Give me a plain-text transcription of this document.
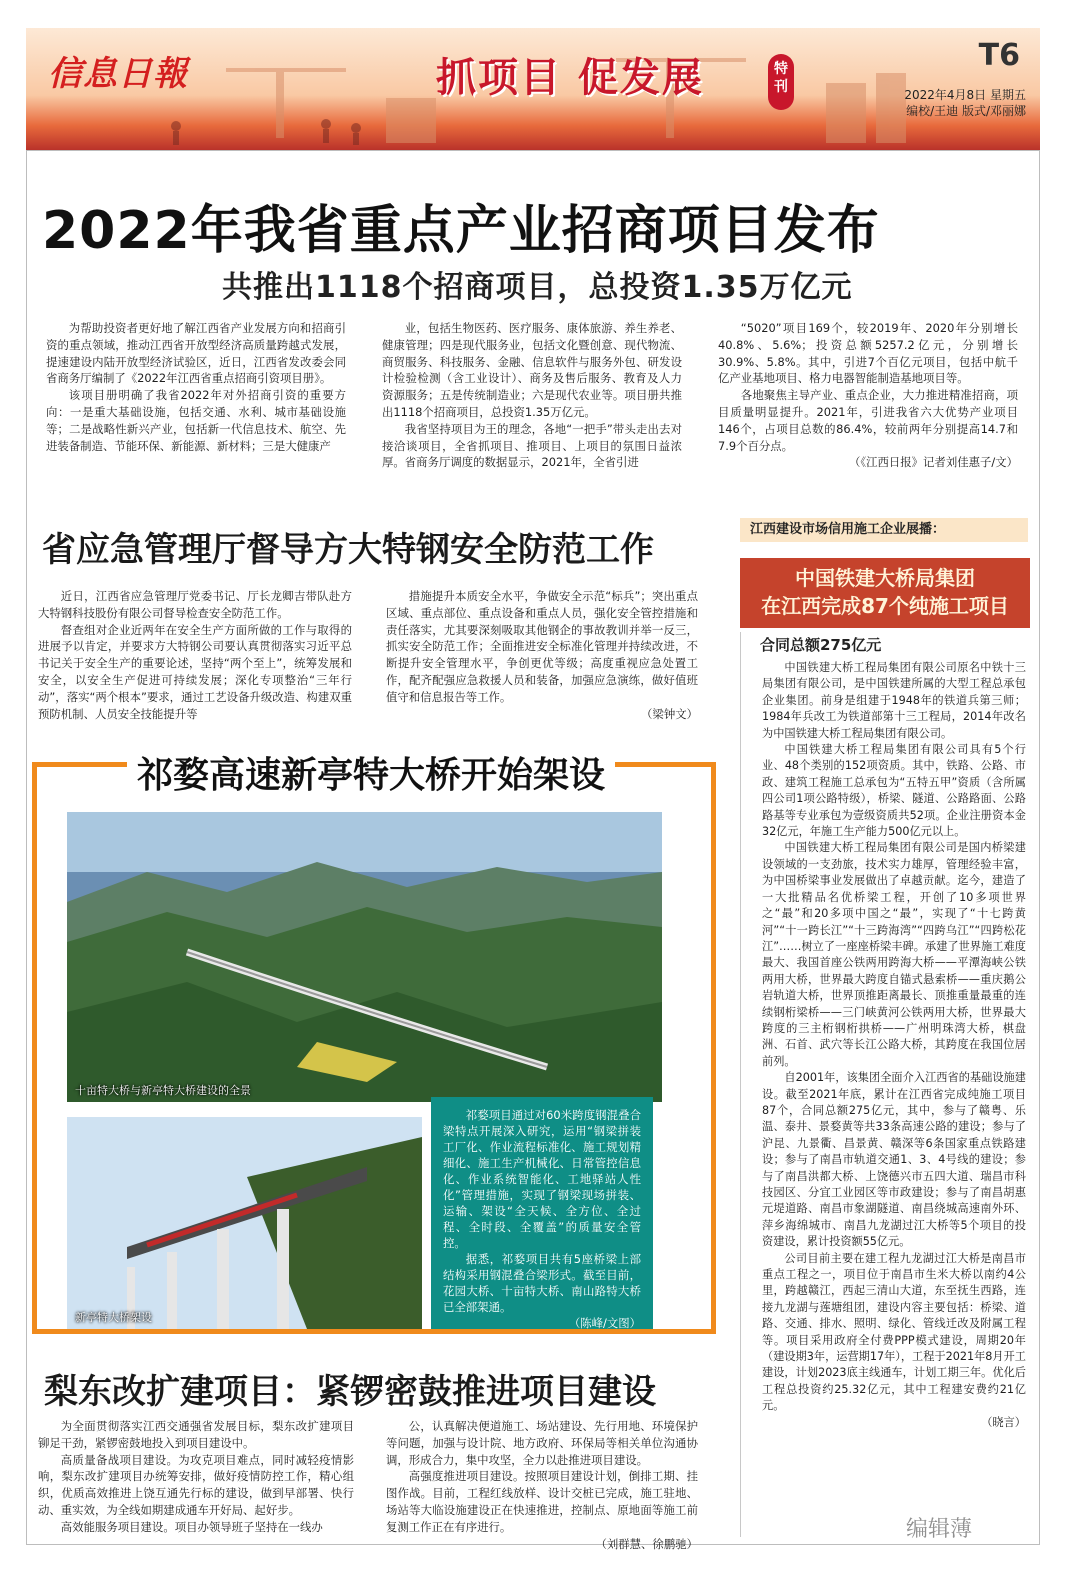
信息日報	抓项目 促发展	特刊
T6
2022年4月8日 星期五
编校/王迪 版式/邓丽娜
2022年我省重点产业招商项目发布
共推出1118个招商项目，总投资1.35万亿元

为帮助投资者更好地了解江西省产业发展方向和招商引资的重点领域，推动江西省开放型经济高质量跨越式发展，提速建设内陆开放型经济试验区，近日，江西省发改委会同省商务厅编制了《2022年江西省重点招商引资项目册》。

该项目册明确了我省2022年对外招商引资的重要方向：一是重大基础设施，包括交通、水利、城市基础设施等；二是战略性新兴产业，包括新一代信息技术、航空、先进装备制造、节能环保、新能源、新材料；三是大健康产

业，包括生物医药、医疗服务、康体旅游、养生养老、健康管理；四是现代服务业，包括文化暨创意、现代物流、商贸服务、科技服务、金融、信息软件与服务外包、研发设计检验检测（含工业设计）、商务及售后服务、教育及人力资源服务；五是传统制造业；六是现代农业等。项目册共推出1118个招商项目，总投资1.35万亿元。

我省坚持项目为王的理念，各地“一把手”带头走出去对接洽谈项目，全省抓项目、推项目、上项目的氛围日益浓厚。省商务厅调度的数据显示，2021年，全省引进

“5020”项目169个，较2019年、2020年分别增长40.8%、5.6%；投资总额5257.2亿元，分别增长30.9%、5.8%。其中，引进7个百亿元项目，包括中航千亿产业基地项目、格力电器智能制造基地项目等。

各地聚焦主导产业、重点企业，大力推进精准招商，项目质量明显提升。2021年，引进我省六大优势产业项目146个，占项目总数的86.4%，较前两年分别提高14.7和7.9个百分点。

（《江西日报》记者刘佳惠子/文）

省应急管理厅督导方大特钢安全防范工作

近日，江西省应急管理厅党委书记、厅长龙卿吉带队赴方大特钢科技股份有限公司督导检查安全防范工作。

督查组对企业近两年在安全生产方面所做的工作与取得的进展予以肯定，并要求方大特钢公司要认真贯彻落实习近平总书记关于安全生产的重要论述，坚持“两个至上”，统筹发展和安全，以安全生产促进可持续发展；深化专项整治“三年行动”，落实“两个根本”要求，通过工艺设备升级改造、构建双重预防机制、人员安全技能提升等

措施提升本质安全水平，争做安全示范“标兵”；突出重点区域、重点部位、重点设备和重点人员，强化安全管控措施和责任落实，尤其要深刻吸取其他钢企的事故教训并举一反三，抓实安全防范工作；全面推进安全标准化管理并持续改进，不断提升安全管理水平，争创更优等级；高度重视应急处置工作，配齐配强应急救援人员和装备，加强应急演练，做好值班值守和信息报告等工作。

（梁钟文）

祁婺高速新亭特大桥开始架设
十亩特大桥与新亭特大桥建设的全景
新亭特大桥架设

祁婺项目通过对60米跨度钢混叠合梁特点开展深入研究，运用“钢梁拼装工厂化、作业流程标准化、施工规划精细化、施工生产机械化、日常管控信息化、作业系统智能化、工地驿站人性化”管理措施，实现了钢梁现场拼装、运输、架设“全天候、全方位、全过程、全时段、全覆盖”的质量安全管控。

据悉，祁婺项目共有5座桥梁上部结构采用钢混叠合梁形式。截至目前，花园大桥、十亩特大桥、南山路特大桥已全部架通。

（陈峰/文图）

梨东改扩建项目：紧锣密鼓推进项目建设

为全面贯彻落实江西交通强省发展目标，梨东改扩建项目铆足干劲，紧锣密鼓地投入到项目建设中。

高质量备战项目建设。为攻克项目难点，同时减轻疫情影响，梨东改扩建项目办统筹安排，做好疫情防控工作，精心组织，优质高效推进上饶互通先行标的建设，做到早部署、快行动、重实效，为全线如期建成通车开好局、起好步。

高效能服务项目建设。项目办领导班子坚持在一线办

公，认真解决便道施工、场站建设、先行用地、环境保护等问题，加强与设计院、地方政府、环保局等相关单位沟通协调，形成合力，集中攻坚，全力以赴推进项目建设。

高强度推进项目建设。按照项目建设计划，倒排工期、挂图作战。目前，工程红线放样、设计交桩已完成，施工驻地、场站等大临设施建设正在快速推进，控制点、原地面等施工前复测工作正在有序进行。

（刘群慧、徐鹏驰）

江西建设市场信用施工企业展播：
中国铁建大桥局集团
在江西完成87个纯施工项目
合同总额275亿元

中国铁建大桥工程局集团有限公司原名中铁十三局集团有限公司，是中国铁建所属的大型工程总承包企业集团。前身是组建于1948年的铁道兵第三师；1984年兵改工为铁道部第十三工程局，2014年改名为中国铁建大桥工程局集团有限公司。

中国铁建大桥工程局集团有限公司具有5个行业、48个类别的152项资质。其中，铁路、公路、市政、建筑工程施工总承包为“五特五甲”资质（含所属四公司1项公路特级），桥梁、隧道、公路路面、公路路基等专业承包为壹级资质共52项。企业注册资本金32亿元，年施工生产能力500亿元以上。

中国铁建大桥工程局集团有限公司是国内桥梁建设领域的一支劲旅，技术实力雄厚，管理经验丰富，为中国桥梁事业发展做出了卓越贡献。迄今，建造了一大批精品名优桥梁工程，开创了10多项世界之“最”和20多项中国之“最”，实现了“十七跨黄河”“十一跨长江”“十三跨海湾”“四跨乌江”“四跨松花江”……树立了一座座桥梁丰碑。承建了世界施工难度最大、我国首座公铁两用跨海大桥——平潭海峡公铁两用大桥，世界最大跨度自锚式悬索桥——重庆鹅公岩轨道大桥，世界顶推距离最长、顶推重量最重的连续钢桁梁桥——三门峡黄河公铁两用大桥，世界最大跨度的三主桁钢桁拱桥——广州明珠湾大桥，棋盘洲、石首、武穴等长江公路大桥，其跨度在我国位居前列。

自2001年，该集团全面介入江西省的基础设施建设。截至2021年底，累计在江西省完成纯施工项目87个，合同总额275亿元，其中，参与了赣粤、乐温、泰井、景婺黄等共33条高速公路的建设；参与了沪昆、九景衢、昌景黄、赣深等6条国家重点铁路建设；参与了南昌市轨道交通1、3、4号线的建设；参与了南昌洪都大桥、上饶德兴市五四大道、瑞昌市科技园区、分宜工业园区等市政建设；参与了南昌胡惠元堤道路、南昌市象湖隧道、南昌绕城高速南外环、萍乡海绵城市、南昌九龙湖过江大桥等5个项目的投资建设，累计投资额55亿元。

公司目前主要在建工程九龙湖过江大桥是南昌市重点工程之一，项目位于南昌市生米大桥以南约4公里，跨越赣江，西起三清山大道，东至抚生西路，连接九龙湖与莲塘组团，建设内容主要包括：桥梁、道路、交通、排水、照明、绿化、管线迁改及附属工程等。项目采用政府全付费PPP模式建设，周期20年（建设期3年，运营期17年），工程于2021年8月开工建设，计划2023底主线通车，计划工期三年。优化后工程总投资约25.32亿元，其中工程建安费约21亿元。

（晓言）

编辑薄
